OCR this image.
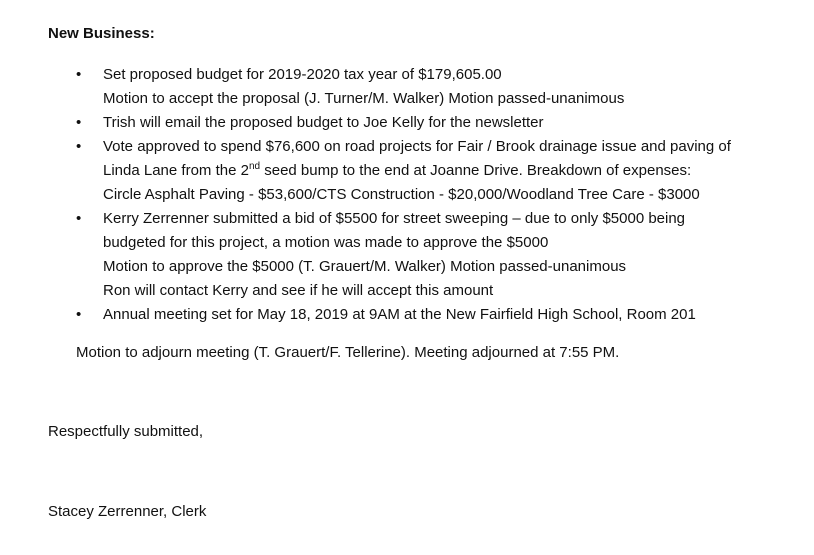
New Business:
• Set proposed budget for 2019-2020 tax year of $179,605.00
Motion to accept the proposal (J. Turner/M. Walker) Motion passed-unanimous
• Trish will email the proposed budget to Joe Kelly for the newsletter
• Vote approved to spend $76,600 on road projects for Fair / Brook drainage issue and paving of
Linda Lane from the 2nd seed bump to the end at Joanne Drive. Breakdown of expenses:
Circle Asphalt Paving - $53,600/CTS Construction - $20,000/Woodland Tree Care - $3000
• Kerry Zerrenner submitted a bid of $5500 for street sweeping – due to only $5000 being
budgeted for this project, a motion was made to approve the $5000
Motion to approve the $5000 (T. Grauert/M. Walker) Motion passed-unanimous
Ron will contact Kerry and see if he will accept this amount
• Annual meeting set for May 18, 2019 at 9AM at the New Fairfield High School, Room 201
Motion to adjourn meeting (T. Grauert/F. Tellerine). Meeting adjourned at 7:55 PM.
Respectfully submitted,
Stacey Zerrenner, Clerk
